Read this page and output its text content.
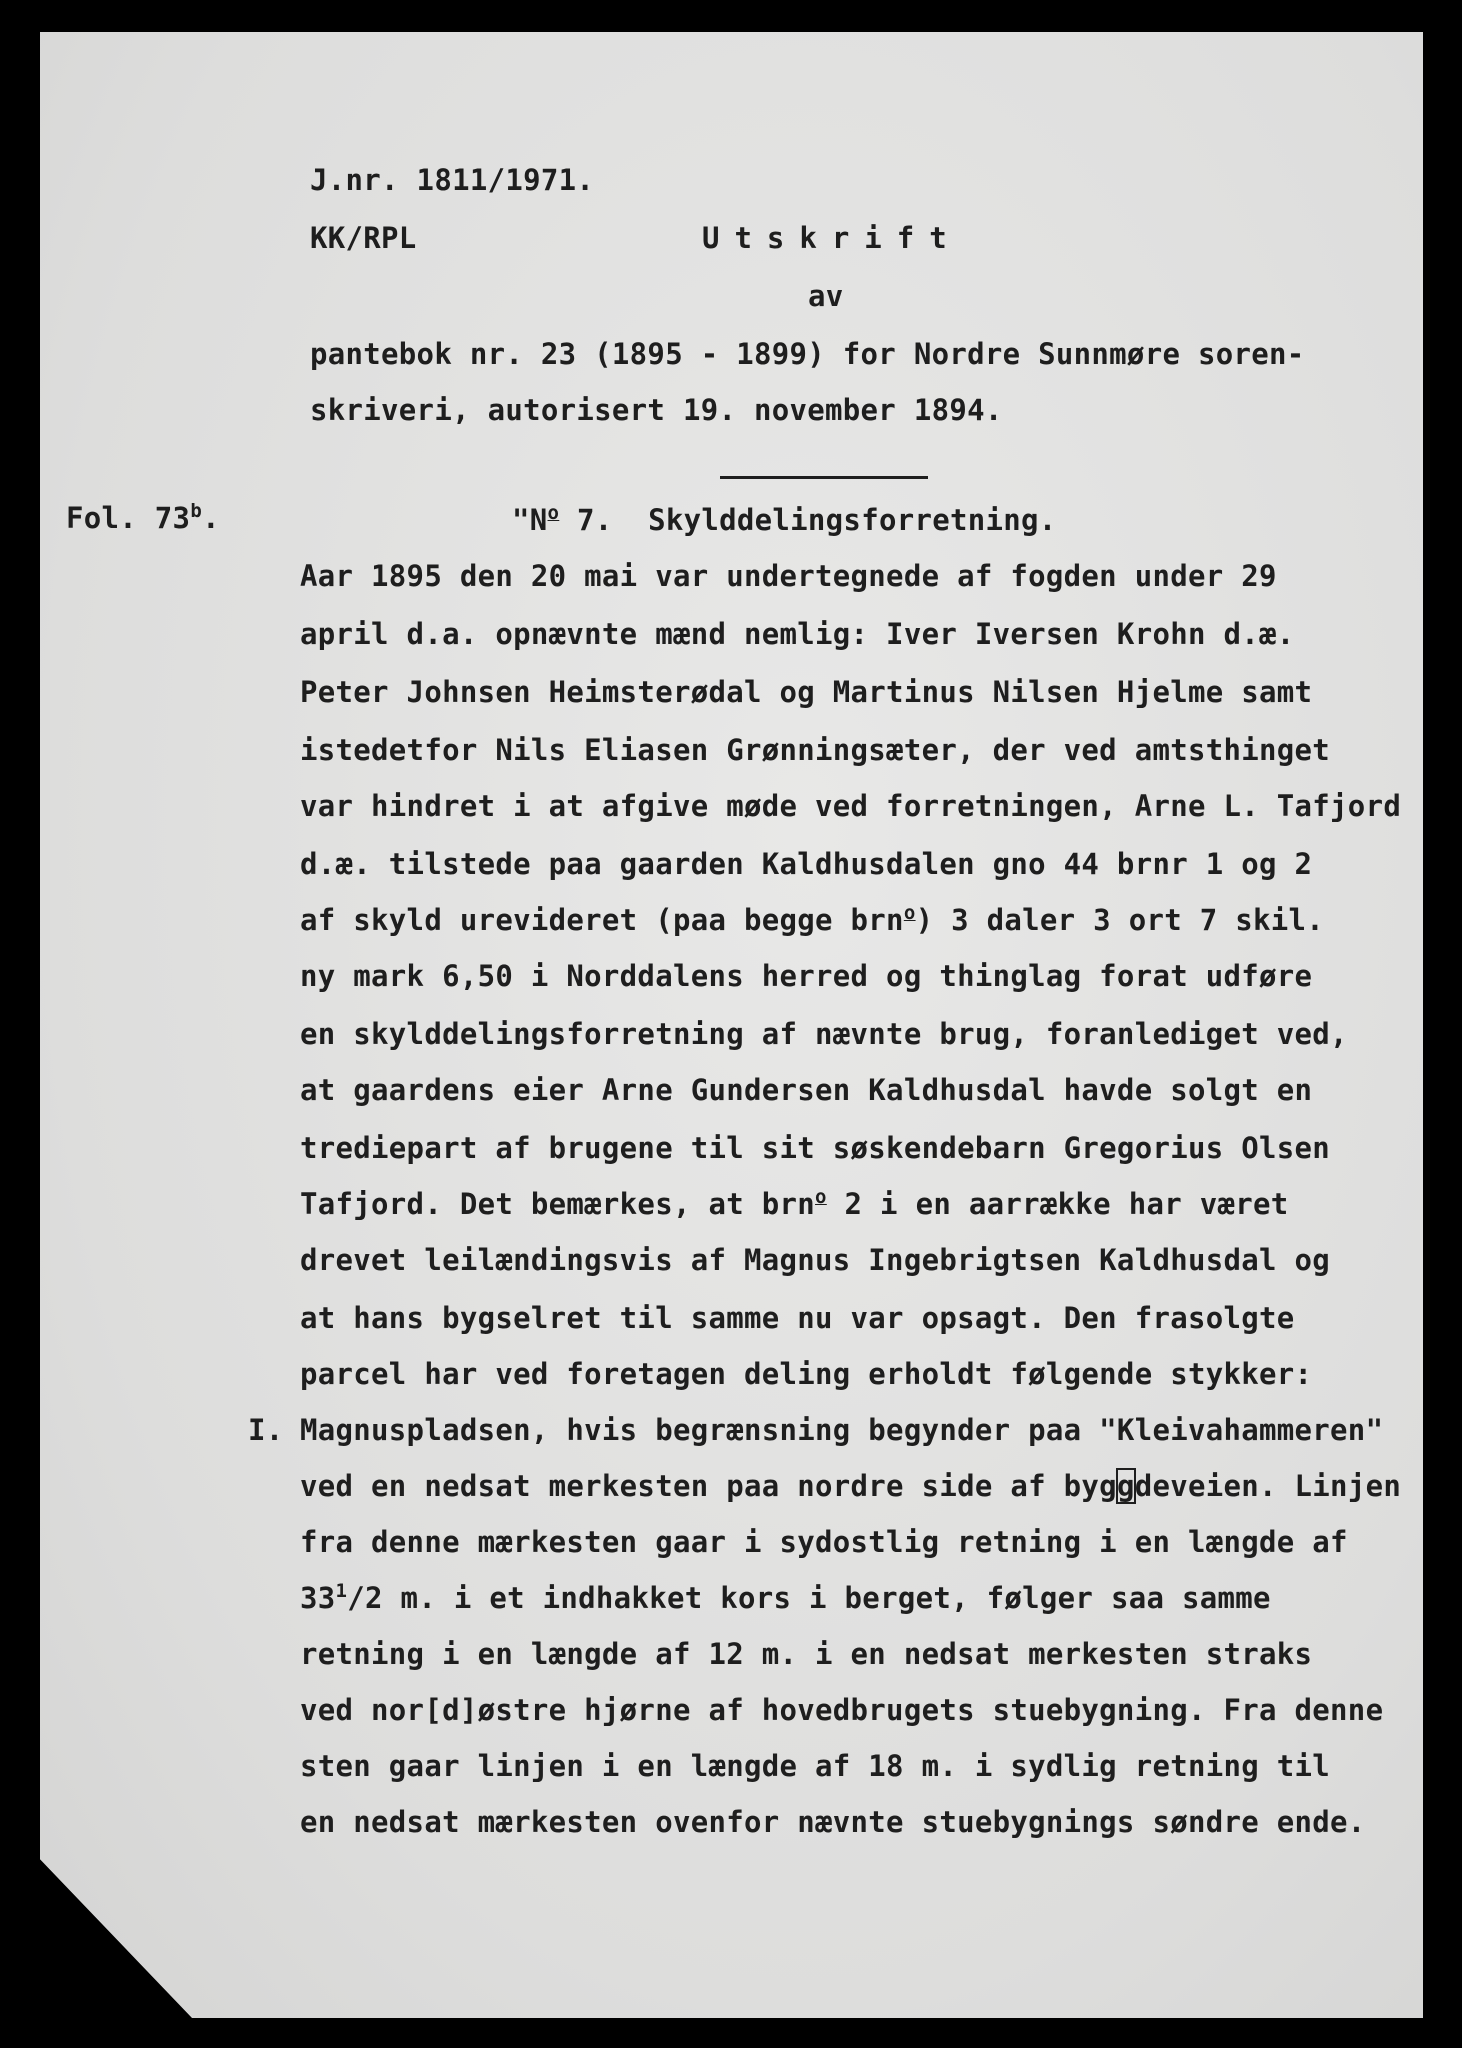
J.nr. 1811/1971.
KK/RPL	Utskrift
av
pantebok nr. 23 (1895 - 1899) for Nordre Sunnmøre soren-
skriveri, autorisert 19. november 1894.
Fol. 73$^b$.	"$N^o$ 7.  Skylddelingsforretning.
Aar 1895 den 20 mai var undertegnede af fogden under 29
april d.a. opnævnte mænd nemlig: Iver Iversen Krohn d.æ.
Peter Johnsen Heimsterødal og Martinus Nilsen Hjelme samt
istedetfor Nils Eliasen Grønningsæter, der ved amtsthinget
var hindret i at afgive møde ved forretningen, Arne L. Tafjord
d.æ. tilstede paa gaarden Kaldhusdalen gno 44 brnr 1 og 2
af skyld urevideret (paa begge brn$^o$) 3 daler 3 ort 7 skil.
ny mark 6,50 i Norddalens herred og thinglag forat udføre
en skylddelingsforretning af nævnte brug, foranlediget ved,
at gaardens eier Arne Gundersen Kaldhusdal havde solgt en
trediepart af brugene til sit søskendebarn Gregorius Olsen
Tafjord. Det bemærkes, at brn$^o$ 2 i en aarrække har været
drevet leilændingsvis af Magnus Ingebrigtsen Kaldhusdal og
at hans bygselret til samme nu var opsagt. Den frasolgte
parcel har ved foretagen deling erholdt følgende stykker:
I. Magnuspladsen, hvis begrænsning begynder paa "Kleivahammeren"
ved en nedsat merkesten paa nordre side af byggdeveien. Linjen
fra denne mærkesten gaar i sydostlig retning i en længde af
$33^1/2$ m. i et indhakket kors i berget, følger saa samme
retning i en længde af 12 m. i en nedsat merkesten straks
ved nor[d]østre hjørne af hovedbrugets stuebygning. Fra denne
sten gaar linjen i en længde af 18 m. i sydlig retning til
en nedsat mærkesten ovenfor nævnte stuebygnings søndre ende.
